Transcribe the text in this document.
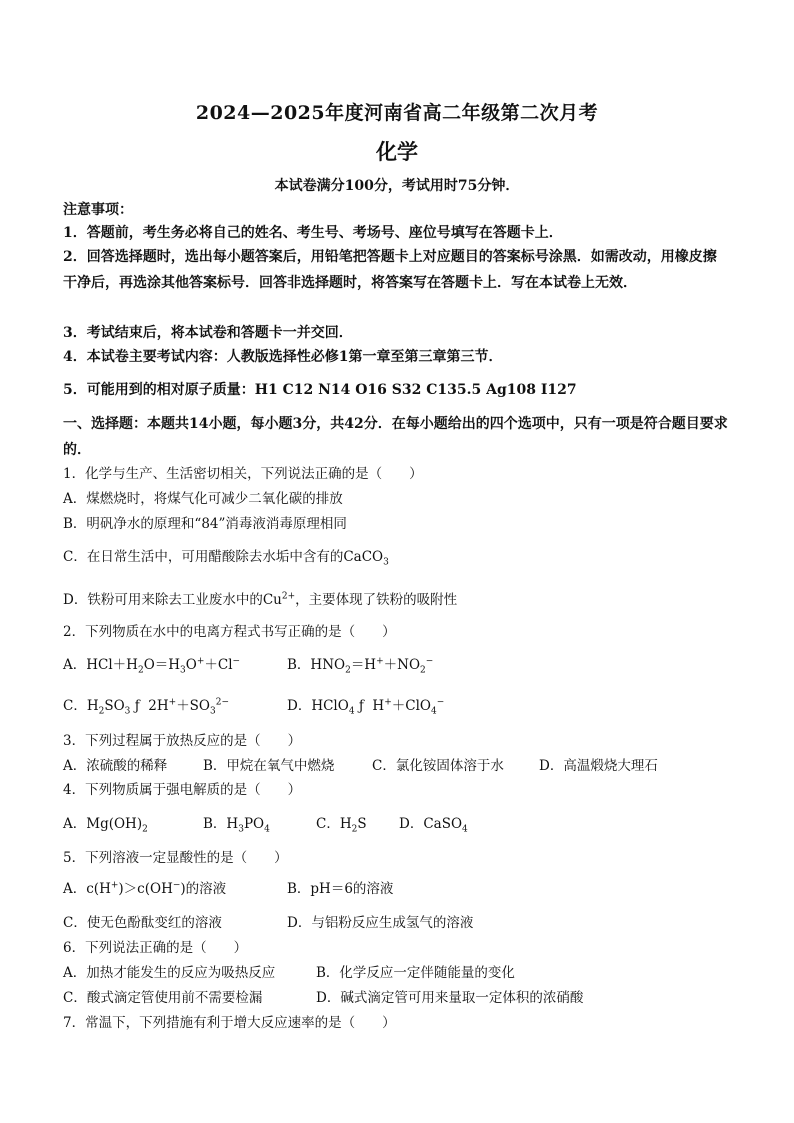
2024—2025年度河南省高二年级第二次月考
化学
本试卷满分100分，考试用时75分钟．
注意事项：
1．答题前，考生务必将自己的姓名、考生号、考场号、座位号填写在答题卡上．
2．回答选择题时，选出每小题答案后，用铅笔把答题卡上对应题目的答案标号涂黑．如需改动，用橡皮擦干净后，再选涂其他答案标号．回答非选择题时，将答案写在答题卡上．写在本试卷上无效．
3．考试结束后，将本试卷和答题卡一并交回．
4．本试卷主要考试内容：人教版选择性必修1第一章至第三章第三节．
5．可能用到的相对原子质量：H1 C12 N14 O16 S32 C135.5 Ag108 I127
一、选择题：本题共14小题，每小题3分，共42分．在每小题给出的四个选项中，只有一项是符合题目要求的．
1．化学与生产、生活密切相关，下列说法正确的是（　　）
A．煤燃烧时，将煤气化可减少二氧化碳的排放
B．明矾净水的原理和“84”消毒液消毒原理相同
C．在日常生活中，可用醋酸除去水垢中含有的CaCO$_3$
D．铁粉可用来除去工业废水中的$Cu^{2+}$，主要体现了铁粉的吸附性
2．下列物质在水中的电离方程式书写正确的是（　　）
A．$HCl+H_2O=H_3O^++Cl^-$	B．$HNO_2=H^++NO_2^-$
C．$H_2SO_3$ ƒ  $2H^++SO_3^{2-}$	D．HClO$_4$ ƒ  H+＋ClO$_4$−
3．下列过程属于放热反应的是（　　）
A．浓硫酸的稀释	B．甲烷在氧气中燃烧	C．氯化铵固体溶于水	D．高温煅烧大理石
4．下列物质属于强电解质的是（　　）
A．$Mg(OH)_2$	B．$H_3PO_4$	C．$H_2S$ D．CaSO$_4$
5．下列溶液一定显酸性的是（　　）
A．c(H+)＞c(OH−)的溶液	B．pH＝6的溶液
C．使无色酚酞变红的溶液	D．与铝粉反应生成氢气的溶液
6．下列说法正确的是（　　）
A．加热才能发生的反应为吸热反应	B．化学反应一定伴随能量的变化
C．酸式滴定管使用前不需要检漏	D．碱式滴定管可用来量取一定体积的浓硝酸
7．常温下，下列措施有利于增大反应速率的是（　　）
